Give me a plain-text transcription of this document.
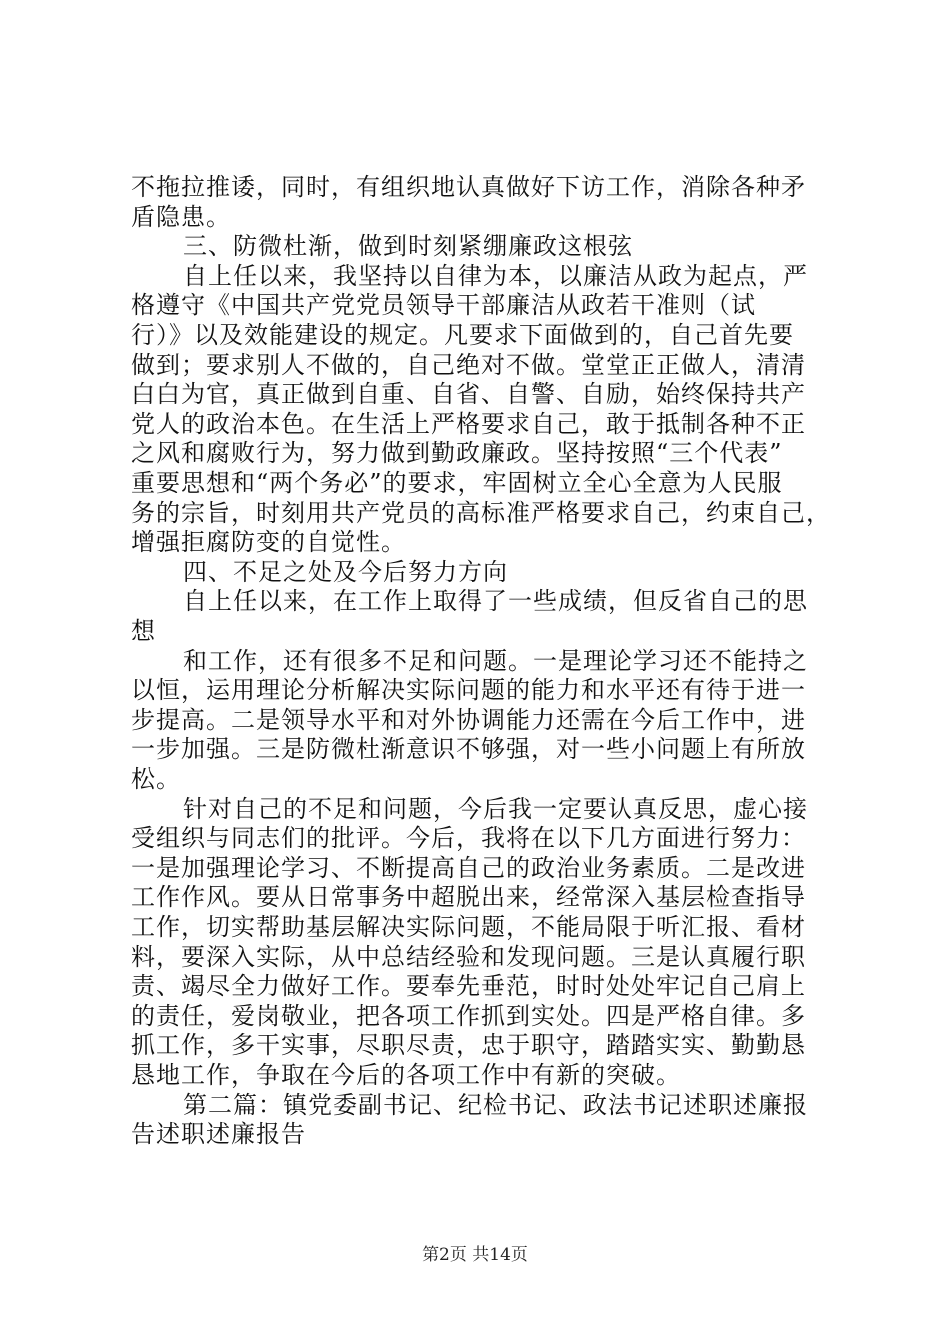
不拖拉推诿，同时，有组织地认真做好下访工作，消除各种矛
盾隐患。
三、防微杜渐，做到时刻紧绷廉政这根弦
自上任以来，我坚持以自律为本，以廉洁从政为起点，严
格遵守《中国共产党党员领导干部廉洁从政若干准则（试
行）》以及效能建设的规定。凡要求下面做到的，自己首先要
做到；要求别人不做的，自己绝对不做。堂堂正正做人，清清
白白为官，真正做到自重、自省、自警、自励，始终保持共产
党人的政治本色。在生活上严格要求自己，敢于抵制各种不正
之风和腐败行为，努力做到勤政廉政。坚持按照“三个代表”
重要思想和“两个务必”的要求，牢固树立全心全意为人民服
务的宗旨，时刻用共产党员的高标准严格要求自己，约束自己，
增强拒腐防变的自觉性。
四、不足之处及今后努力方向
自上任以来，在工作上取得了一些成绩，但反省自己的思
想
和工作，还有很多不足和问题。一是理论学习还不能持之
以恒，运用理论分析解决实际问题的能力和水平还有待于进一
步提高。二是领导水平和对外协调能力还需在今后工作中，进
一步加强。三是防微杜渐意识不够强，对一些小问题上有所放
松。
针对自己的不足和问题，今后我一定要认真反思，虚心接
受组织与同志们的批评。今后，我将在以下几方面进行努力：
一是加强理论学习、不断提高自己的政治业务素质。二是改进
工作作风。要从日常事务中超脱出来，经常深入基层检查指导
工作，切实帮助基层解决实际问题，不能局限于听汇报、看材
料，要深入实际，从中总结经验和发现问题。三是认真履行职
责、竭尽全力做好工作。要奉先垂范，时时处处牢记自己肩上
的责任，爱岗敬业，把各项工作抓到实处。四是严格自律。多
抓工作，多干实事，尽职尽责，忠于职守，踏踏实实、勤勤恳
恳地工作，争取在今后的各项工作中有新的突破。
第二篇：镇党委副书记、纪检书记、政法书记述职述廉报
告述职述廉报告
第2页 共14页
